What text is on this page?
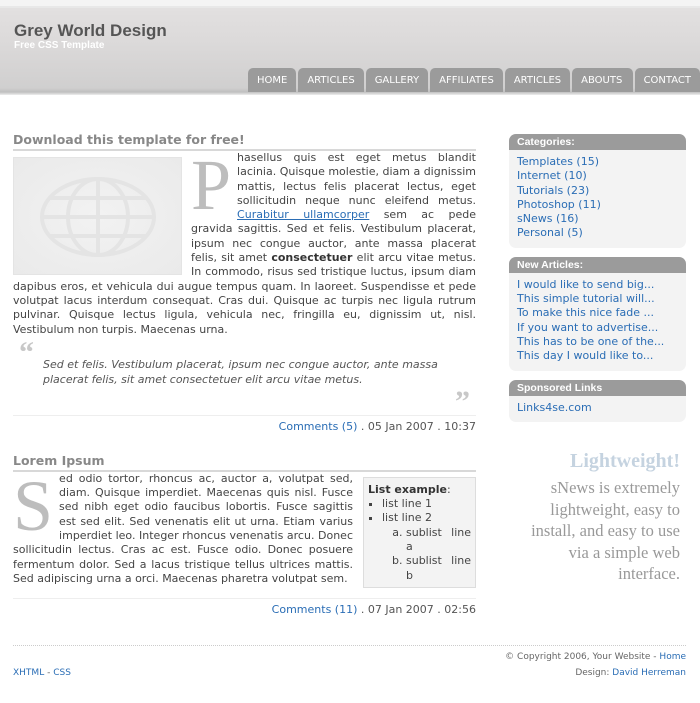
Grey World Design
Free CSS Template
HOME	ARTICLES	GALLERY	AFFILIATES	ARTICLES	ABOUTS US
CONTACT
Download this template for free!
Phasellus quis est eget metus blandit lacinia. Quisque molestie, diam a dignissim mattis, lectus felis placerat lectus, eget sollicitudin neque nunc eleifend metus. Curabitur ullamcorper sem ac pede gravida sagittis. Sed et felis. Vestibulum placerat, ipsum nec congue auctor, ante massa placerat felis, sit amet consectetuer elit arcu vitae metus. In commodo, risus sed tristique luctus, ipsum diam dapibus eros, et vehicula dui augue tempus quam. In laoreet. Suspendisse et pede volutpat lacus interdum consequat. Cras dui. Quisque ac turpis nec ligula rutrum pulvinar. Quisque lectus ligula, vehicula nec, fringilla eu, dignissim ut, nisl. Vestibulum non turpis. Maecenas urna.
“ Sed et felis. Vestibulum placerat, ipsum nec congue auctor, ante massa placerat felis, sit amet consectetuer elit arcu vitae metus.
”
Comments (5) . 05 Jan 2007 . 10:37
Lorem Ipsum
List example:
▪ list line 1
▪ list line 2
a. sublist line a
b. sublist line b
S ed odio tortor, rhoncus ac, auctor a, volutpat sed, diam. Quisque imperdiet. Maecenas quis nisl. Fusce sed nibh eget odio faucibus lobortis. Fusce sagittis est sed elit. Sed venenatis elit ut urna. Etiam varius imperdiet leo. Integer rhoncus venenatis arcu. Donec sollicitudin lectus. Cras ac est. Fusce odio. Donec posuere fermentum dolor. Sed a lacus tristique tellus ultrices mattis. Sed adipiscing urna a orci. Maecenas pharetra volutpat sem.
Comments (11) . 07 Jan 2007 . 02:56
Categories:
Templates (15)
Internet (10)
Tutorials (23)
Photoshop (11)
sNews (16)
Personal (5)
New Articles:
I would like to send big...
This simple tutorial will...
To make this nice fade ...
If you want to advertise...
This has to be one of the...
This day I would like to...
Sponsored Links
Links4se.com
Lightweight!
sNews is extremely lightweight, easy to install, and easy to use via a simple web interface.
© Copyright 2006, Your Website - Home
Design: David Herreman
XHTML - CSS
